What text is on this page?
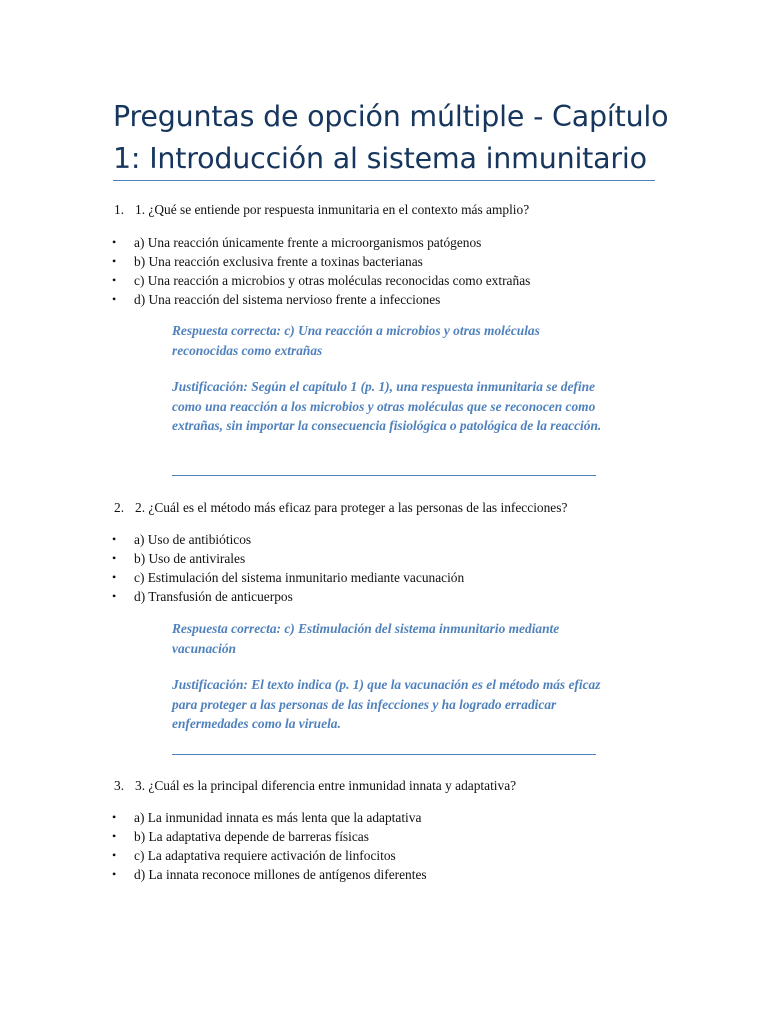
Preguntas de opción múltiple - Capítulo 1: Introducción al sistema inmunitario
1. 1. ¿Qué se entiende por respuesta inmunitaria en el contexto más amplio?
• a) Una reacción únicamente frente a microorganismos patógenos
• b) Una reacción exclusiva frente a toxinas bacterianas
• c) Una reacción a microbios y otras moléculas reconocidas como extrañas
• d) Una reacción del sistema nervioso frente a infecciones

Respuesta correcta: c) Una reacción a microbios y otras moléculas reconocidas como extrañas

Justificación: Según el capítulo 1 (p. 1), una respuesta inmunitaria se define como una reacción a los microbios y otras moléculas que se reconocen como extrañas, sin importar la consecuencia fisiológica o patológica de la reacción.

2. 2. ¿Cuál es el método más eficaz para proteger a las personas de las infecciones?
• a) Uso de antibióticos
• b) Uso de antivirales
• c) Estimulación del sistema inmunitario mediante vacunación
• d) Transfusión de anticuerpos

Respuesta correcta: c) Estimulación del sistema inmunitario mediante vacunación

Justificación: El texto indica (p. 1) que la vacunación es el método más eficaz para proteger a las personas de las infecciones y ha logrado erradicar enfermedades como la viruela.

3. 3. ¿Cuál es la principal diferencia entre inmunidad innata y adaptativa?
• a) La inmunidad innata es más lenta que la adaptativa
• b) La adaptativa depende de barreras físicas
• c) La adaptativa requiere activación de linfocitos
• d) La innata reconoce millones de antígenos diferentes
